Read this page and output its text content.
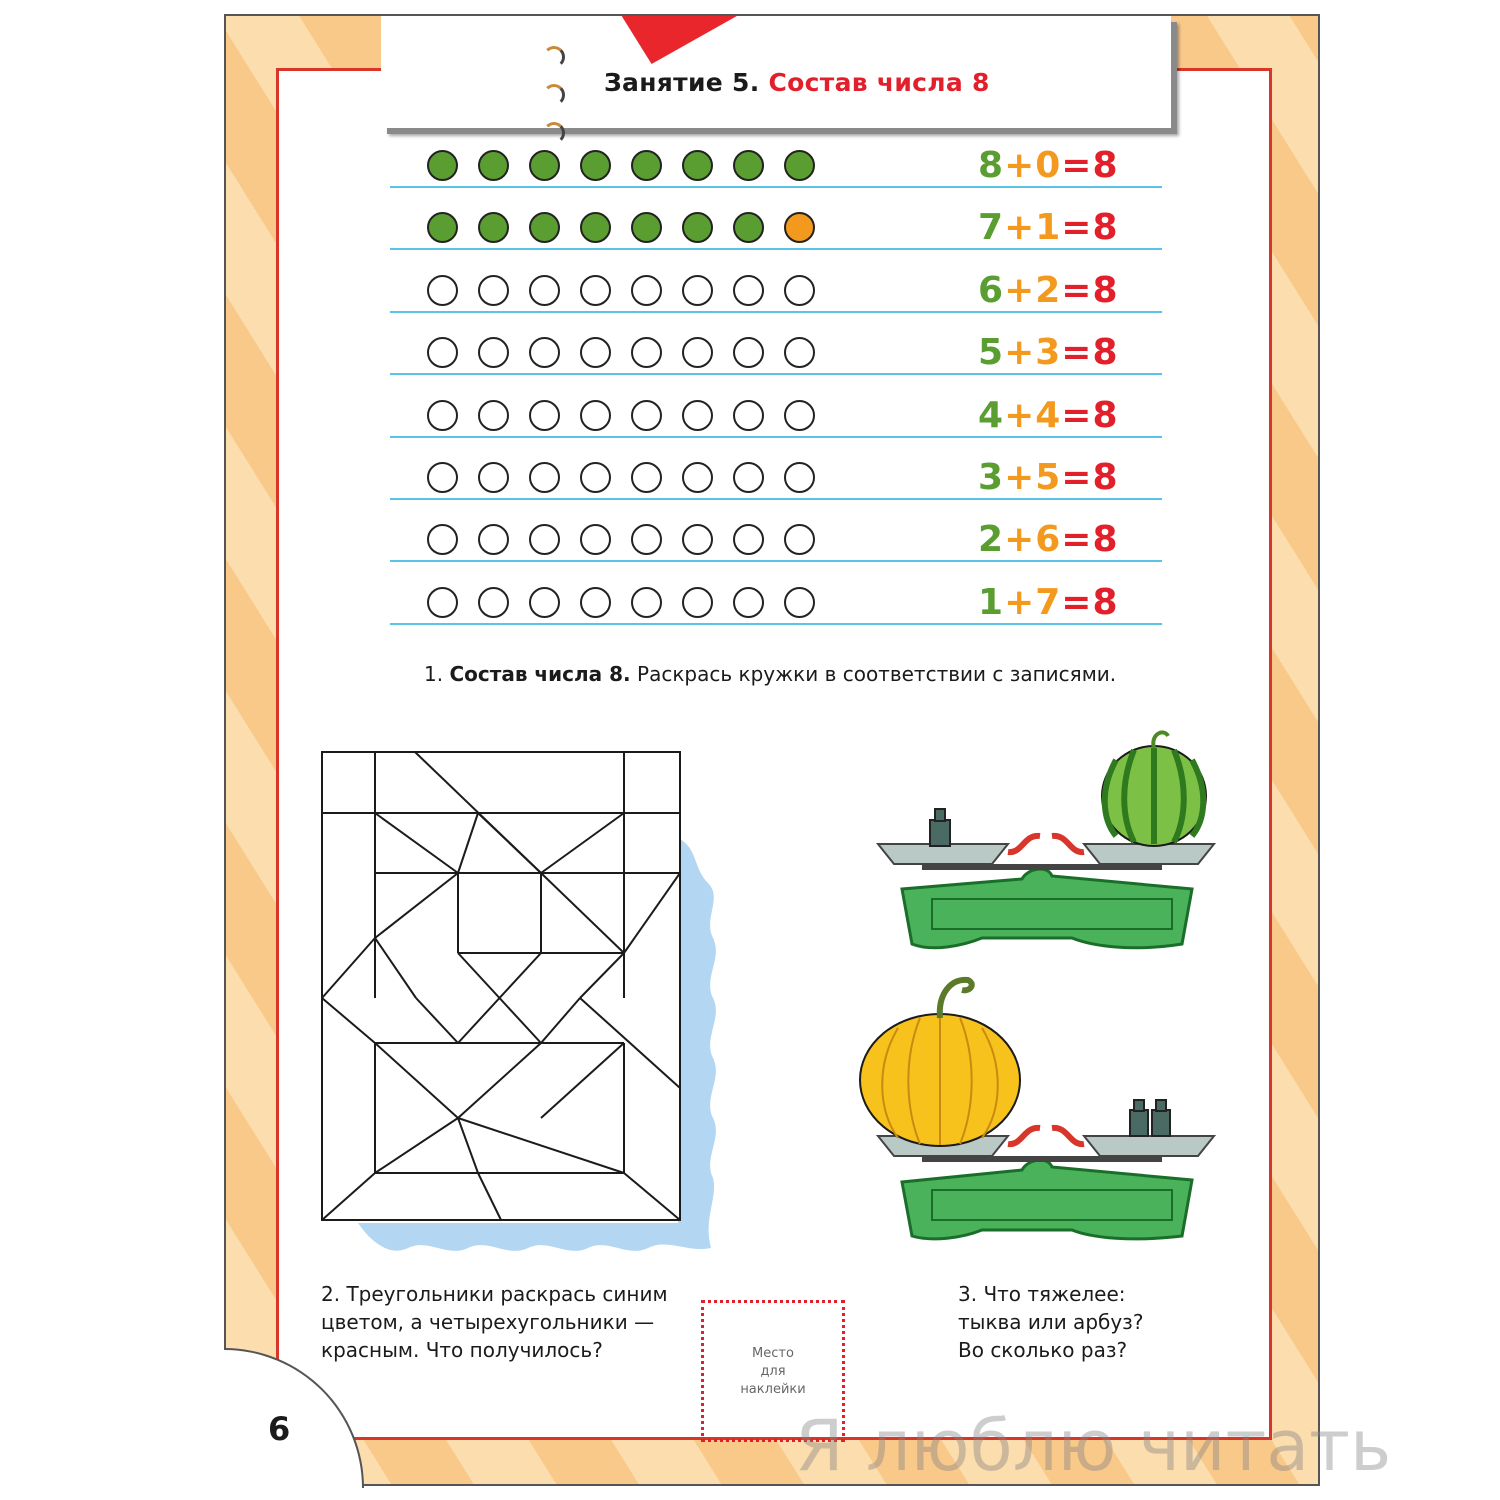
Занятие 5. Состав числа 8
8+0=8
7+1=8
6+2=8
5+3=8
4+4=8
3+5=8
2+6=8
1+7=8
1. Состав числа 8. Раскрась кружки в соответствии с записями.
2. Треугольники раскрась синим цветом, а четырехугольники — красным. Что получилось?	Место
для
наклейки
3. Что тяжелее:
тыква или арбуз?
Во сколько раз?
6	Я люблю читать
